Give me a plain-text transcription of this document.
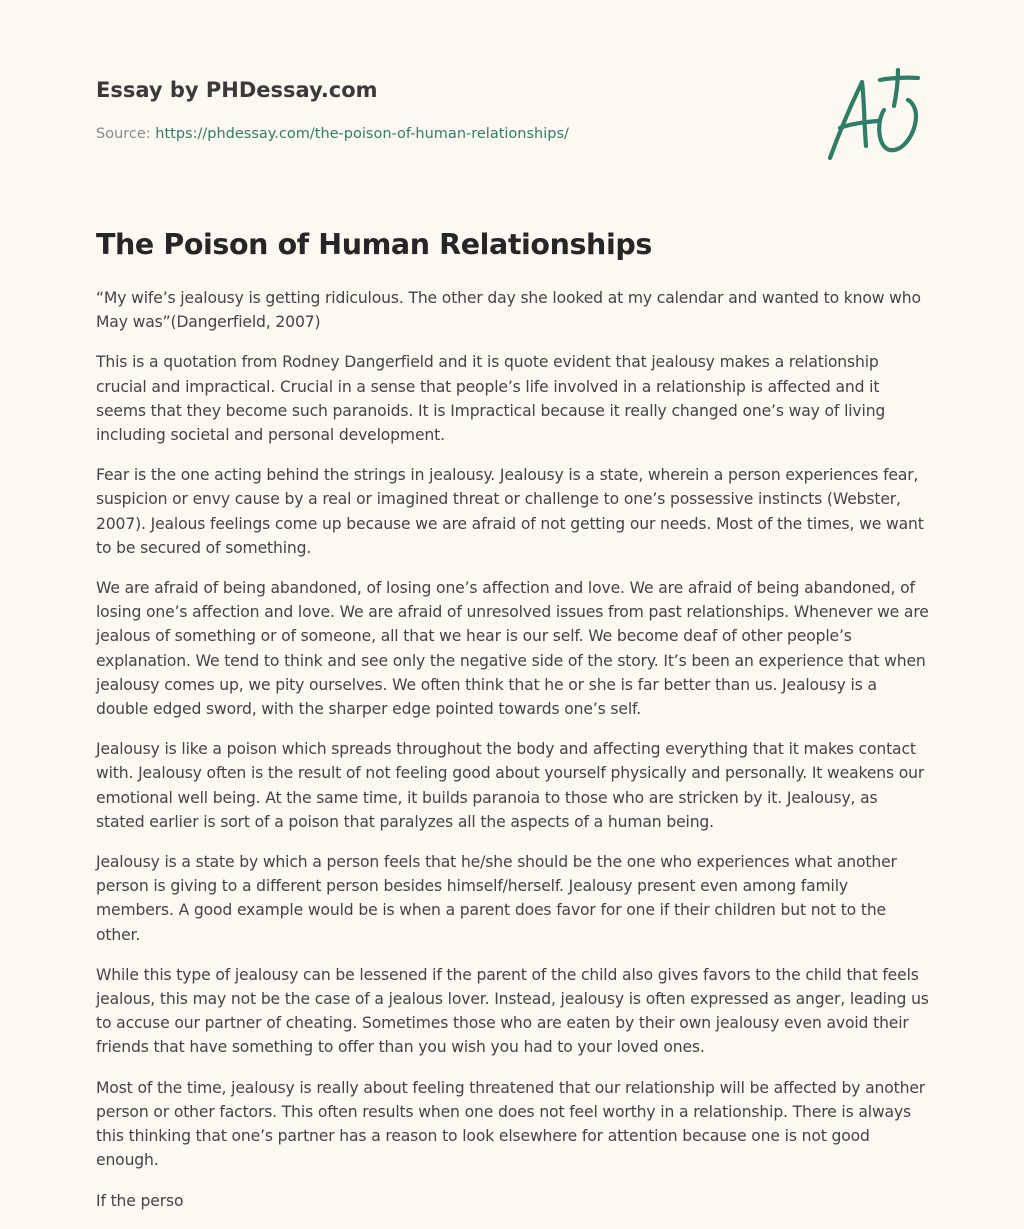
Essay by PHDessay.com
Source: https://phdessay.com/the-poison-of-human-relationships/
The Poison of Human Relationships

“My wife’s jealousy is getting ridiculous. The other day she looked at my calendar and wanted to know who May was”(Dangerfield, 2007)

This is a quotation from Rodney Dangerfield and it is quote evident that jealousy makes a relationship crucial and impractical. Crucial in a sense that people’s life involved in a relationship is affected and it seems that they become such paranoids. It is Impractical because it really changed one’s way of living including societal and personal development.

Fear is the one acting behind the strings in jealousy. Jealousy is a state, wherein a person experiences fear, suspicion or envy cause by a real or imagined threat or challenge to one’s possessive instincts (Webster, 2007). Jealous feelings come up because we are afraid of not getting our needs. Most of the times, we want to be secured of something.

We are afraid of being abandoned, of losing one’s affection and love. We are afraid of being abandoned, of losing one’s affection and love. We are afraid of unresolved issues from past relationships. Whenever we are jealous of something or of someone, all that we hear is our self. We become deaf of other people’s explanation. We tend to think and see only the negative side of the story. It’s been an experience that when jealousy comes up, we pity ourselves. We often think that he or she is far better than us. Jealousy is a double edged sword, with the sharper edge pointed towards one’s self.

Jealousy is like a poison which spreads throughout the body and affecting everything that it makes contact with. Jealousy often is the result of not feeling good about yourself physically and personally. It weakens our emotional well being. At the same time, it builds paranoia to those who are stricken by it. Jealousy, as stated earlier is sort of a poison that paralyzes all the aspects of a human being.

Jealousy is a state by which a person feels that he/she should be the one who experiences what another person is giving to a different person besides himself/herself. Jealousy present even among family members. A good example would be is when a parent does favor for one if their children but not to the other.

While this type of jealousy can be lessened if the parent of the child also gives favors to the child that feels jealous, this may not be the case of a jealous lover. Instead, jealousy is often expressed as anger, leading us to accuse our partner of cheating. Sometimes those who are eaten by their own jealousy even avoid their friends that have something to offer than you wish you had to your loved ones.

Most of the time, jealousy is really about feeling threatened that our relationship will be affected by another person or other factors. This often results when one does not feel worthy in a relationship. There is always this thinking that one’s partner has a reason to look elsewhere for attention because one is not good enough.

If the perso
